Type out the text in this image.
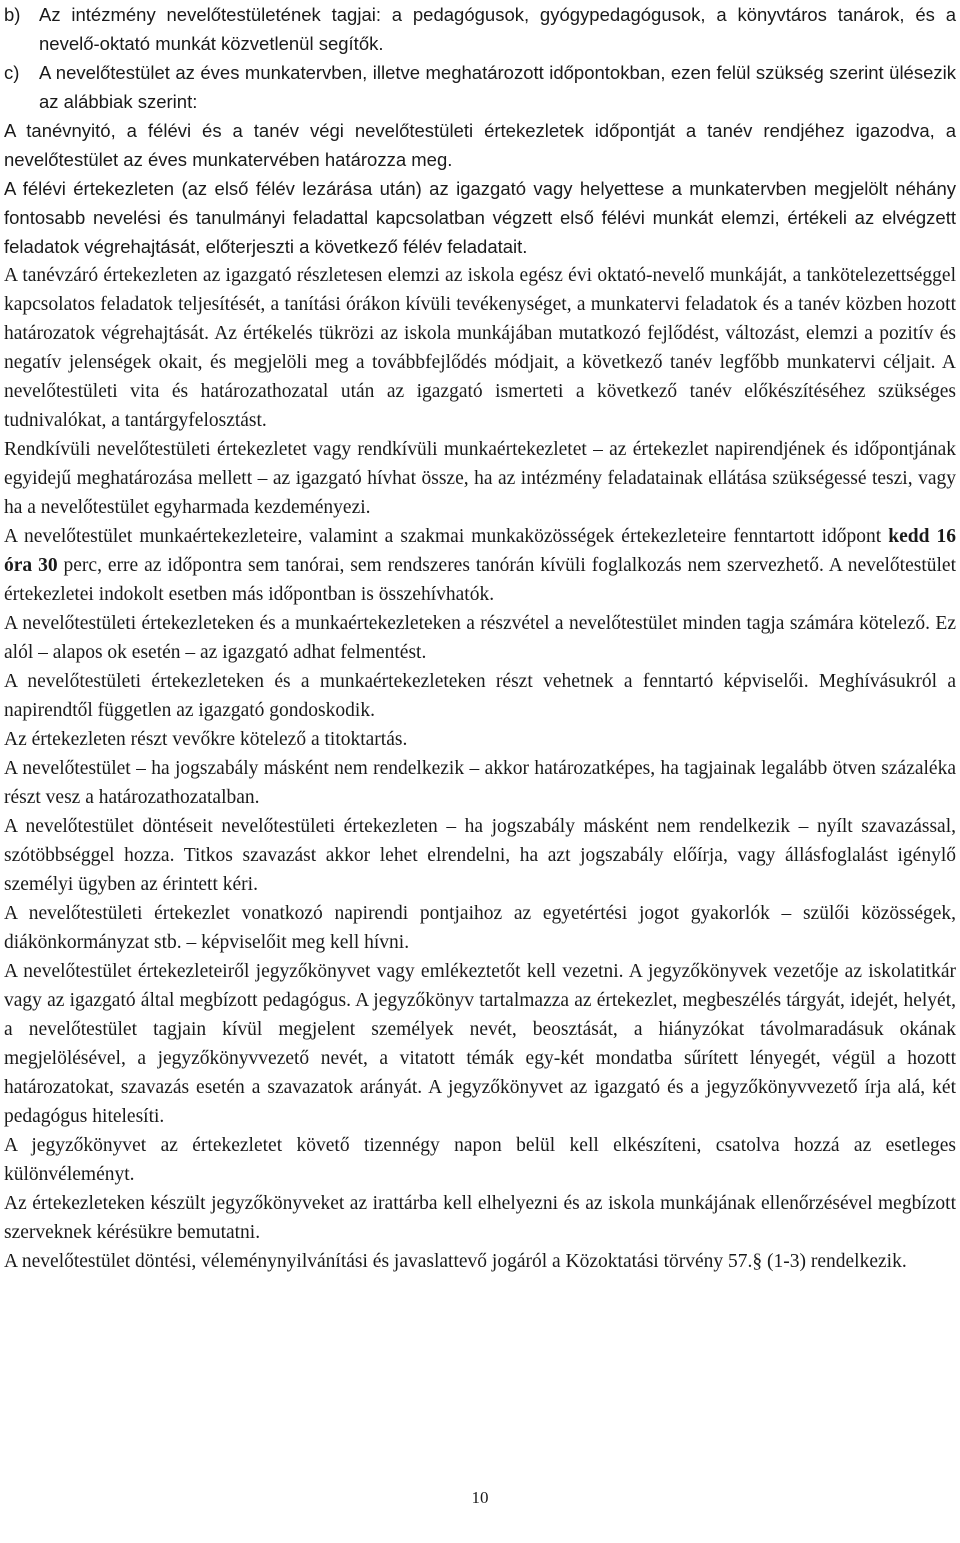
b) Az intézmény nevelőtestületének tagjai: a pedagógusok, gyógypedagógusok, a könyvtáros tanárok, és a nevelő-oktató munkát közvetlenül segítők.

c) A nevelőtestület az éves munkatervben, illetve meghatározott időpontokban, ezen felül szükség szerint ülésezik az alábbiak szerint:

A tanévnyitó, a félévi és a tanév végi nevelőtestületi értekezletek időpontját a tanév rendjéhez igazodva, a nevelőtestület az éves munkatervében határozza meg.

A félévi értekezleten (az első félév lezárása után) az igazgató vagy helyettese a munkatervben megjelölt néhány fontosabb nevelési és tanulmányi feladattal kapcsolatban végzett első félévi munkát elemzi, értékeli az elvégzett feladatok végrehajtását, előterjeszti a következő félév feladatait.

A tanévzáró értekezleten az igazgató részletesen elemzi az iskola egész évi oktató-nevelő munkáját, a tankötelezettséggel kapcsolatos feladatok teljesítését, a tanítási órákon kívüli tevékenységet, a munkatervi feladatok és a tanév közben hozott határozatok végrehajtását. Az értékelés tükrözi az iskola munkájában mutatkozó fejlődést, változást, elemzi a pozitív és negatív jelenségek okait, és megjelöli meg a továbbfejlődés módjait, a következő tanév legfőbb munkatervi céljait. A nevelőtestületi vita és határozathozatal után az igazgató ismerteti a következő tanév előkészítéséhez szükséges tudnivalókat, a tantárgyfelosztást.

Rendkívüli nevelőtestületi értekezletet vagy rendkívüli munkaértekezletet – az értekezlet napirendjének és időpontjának egyidejű meghatározása mellett – az igazgató hívhat össze, ha az intézmény feladatainak ellátása szükségessé teszi, vagy ha a nevelőtestület egyharmada kezdeményezi.

A nevelőtestület munkaértekezleteire, valamint a szakmai munkaközösségek értekezleteire fenntartott időpont kedd 16 óra 30 perc, erre az időpontra sem tanórai, sem rendszeres tanórán kívüli foglalkozás nem szervezhető. A nevelőtestület értekezletei indokolt esetben más időpontban is összehívhatók.

A nevelőtestületi értekezleteken és a munkaértekezleteken a részvétel a nevelőtestület minden tagja számára kötelező. Ez alól – alapos ok esetén – az igazgató adhat felmentést.

A nevelőtestületi értekezleteken és a munkaértekezleteken részt vehetnek a fenntartó képviselői. Meghívásukról a napirendtől független az igazgató gondoskodik.

Az értekezleten részt vevőkre kötelező a titoktartás.

A nevelőtestület – ha jogszabály másként nem rendelkezik – akkor határozatképes, ha tagjainak legalább ötven százaléka részt vesz a határozathozatalban.

A nevelőtestület döntéseit nevelőtestületi értekezleten – ha jogszabály másként nem rendelkezik – nyílt szavazással, szótöbbséggel hozza. Titkos szavazást akkor lehet elrendelni, ha azt jogszabály előírja, vagy állásfoglalást igénylő személyi ügyben az érintett kéri.

A nevelőtestületi értekezlet vonatkozó napirendi pontjaihoz az egyetértési jogot gyakorlók – szülői közösségek, diákönkormányzat stb. – képviselőit meg kell hívni.

A nevelőtestület értekezleteiről jegyzőkönyvet vagy emlékeztetőt kell vezetni. A jegyzőkönyvek vezetője az iskolatitkár vagy az igazgató által megbízott pedagógus. A jegyzőkönyv tartalmazza az értekezlet, megbeszélés tárgyát, idejét, helyét, a nevelőtestület tagjain kívül megjelent személyek nevét, beosztását, a hiányzókat távolmaradásuk okának megjelölésével, a jegyzőkönyvvezető nevét, a vitatott témák egy-két mondatba sűrített lényegét, végül a hozott határozatokat, szavazás esetén a szavazatok arányát. A jegyzőkönyvet az igazgató és a jegyzőkönyvvezető írja alá, két pedagógus hitelesíti.

A jegyzőkönyvet az értekezletet követő tizennégy napon belül kell elkészíteni, csatolva hozzá az esetleges különvéleményt.

Az értekezleteken készült jegyzőkönyveket az irattárba kell elhelyezni és az iskola munkájának ellenőrzésével megbízott szerveknek kérésükre bemutatni.

A nevelőtestület döntési, véleménynyilvánítási és javaslattevő jogáról a Közoktatási törvény 57.§ (1-3) rendelkezik.

10
